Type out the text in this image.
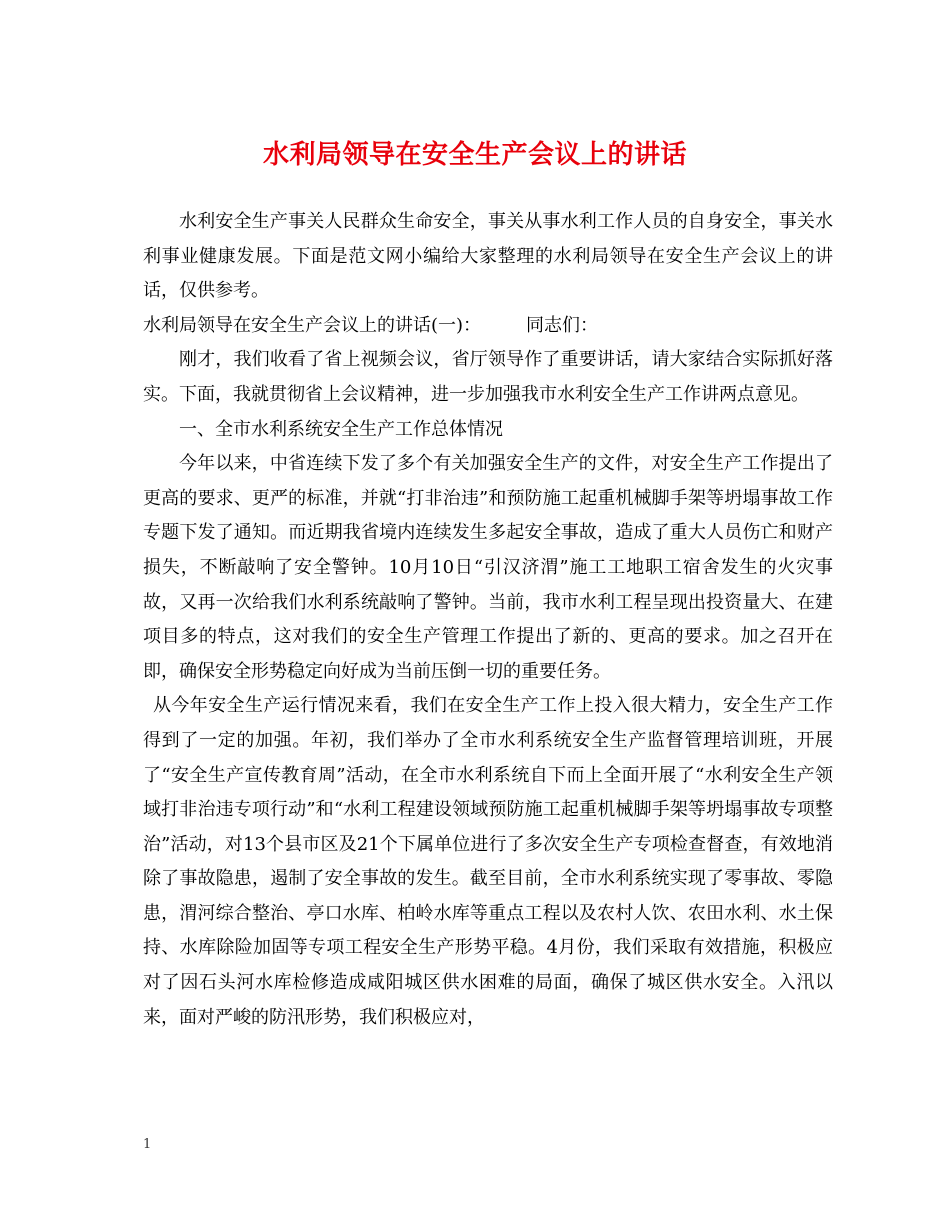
水利局领导在安全生产会议上的讲话

水利安全生产事关人民群众生命安全，事关从事水利工作人员的自身安全，事关水利事业健康发展。下面是范文网小编给大家整理的水利局领导在安全生产会议上的讲话，仅供参考。

水利局领导在安全生产会议上的讲话(一)：　　　同志们：

刚才，我们收看了省上视频会议，省厅领导作了重要讲话，请大家结合实际抓好落实。下面，我就贯彻省上会议精神，进一步加强我市水利安全生产工作讲两点意见。

一、全市水利系统安全生产工作总体情况

今年以来，中省连续下发了多个有关加强安全生产的文件，对安全生产工作提出了更高的要求、更严的标准，并就“打非治违”和预防施工起重机械脚手架等坍塌事故工作专题下发了通知。而近期我省境内连续发生多起安全事故，造成了重大人员伤亡和财产损失，不断敲响了安全警钟。10月10日“引汉济渭”施工工地职工宿舍发生的火灾事故，又再一次给我们水利系统敲响了警钟。当前，我市水利工程呈现出投资量大、在建项目多的特点，这对我们的安全生产管理工作提出了新的、更高的要求。加之召开在即，确保安全形势稳定向好成为当前压倒一切的重要任务。

从今年安全生产运行情况来看，我们在安全生产工作上投入很大精力，安全生产工作得到了一定的加强。年初，我们举办了全市水利系统安全生产监督管理培训班，开展了“安全生产宣传教育周”活动，在全市水利系统自下而上全面开展了“水利安全生产领域打非治违专项行动”和“水利工程建设领域预防施工起重机械脚手架等坍塌事故专项整治”活动，对13个县市区及21个下属单位进行了多次安全生产专项检查督查，有效地消除了事故隐患，遏制了安全事故的发生。截至目前，全市水利系统实现了零事故、零隐患，渭河综合整治、亭口水库、柏岭水库等重点工程以及农村人饮、农田水利、水土保持、水库除险加固等专项工程安全生产形势平稳。4月份，我们采取有效措施，积极应对了因石头河水库检修造成咸阳城区供水困难的局面，确保了城区供水安全。入汛以来，面对严峻的防汛形势，我们积极应对，

1
